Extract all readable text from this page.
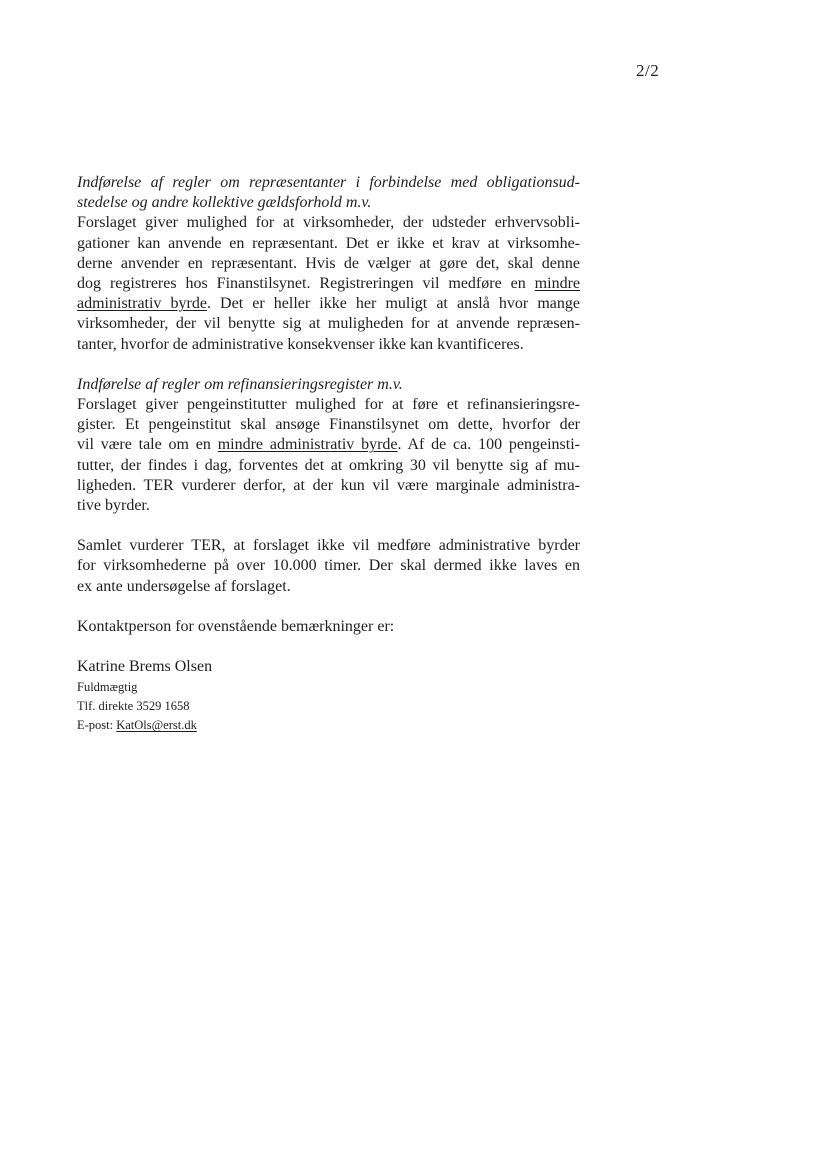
2/2
Indførelse af regler om repræsentanter i forbindelse med obligationsud-
stedelse og andre kollektive gældsforhold m.v.
Forslaget giver mulighed for at virksomheder, der udsteder erhvervsobli-
gationer kan anvende en repræsentant. Det er ikke et krav at virksomhe-
derne anvender en repræsentant. Hvis de vælger at gøre det, skal denne
dog registreres hos Finanstilsynet. Registreringen vil medføre en mindre
administrativ byrde. Det er heller ikke her muligt at anslå hvor mange
virksomheder, der vil benytte sig at muligheden for at anvende repræsen-
tanter, hvorfor de administrative konsekvenser ikke kan kvantificeres.
Indførelse af regler om refinansieringsregister m.v.
Forslaget giver pengeinstitutter mulighed for at føre et refinansieringsre-
gister. Et pengeinstitut skal ansøge Finanstilsynet om dette, hvorfor der
vil være tale om en mindre administrativ byrde. Af de ca. 100 pengeinsti-
tutter, der findes i dag, forventes det at omkring 30 vil benytte sig af mu-
ligheden. TER vurderer derfor, at der kun vil være marginale administra-
tive byrder.
Samlet vurderer TER, at forslaget ikke vil medføre administrative byrder
for virksomhederne på over 10.000 timer. Der skal dermed ikke laves en
ex ante undersøgelse af forslaget.
Kontaktperson for ovenstående bemærkninger er:
Katrine Brems Olsen
Fuldmægtig
Tlf. direkte 3529 1658
E-post: KatOls@erst.dk
